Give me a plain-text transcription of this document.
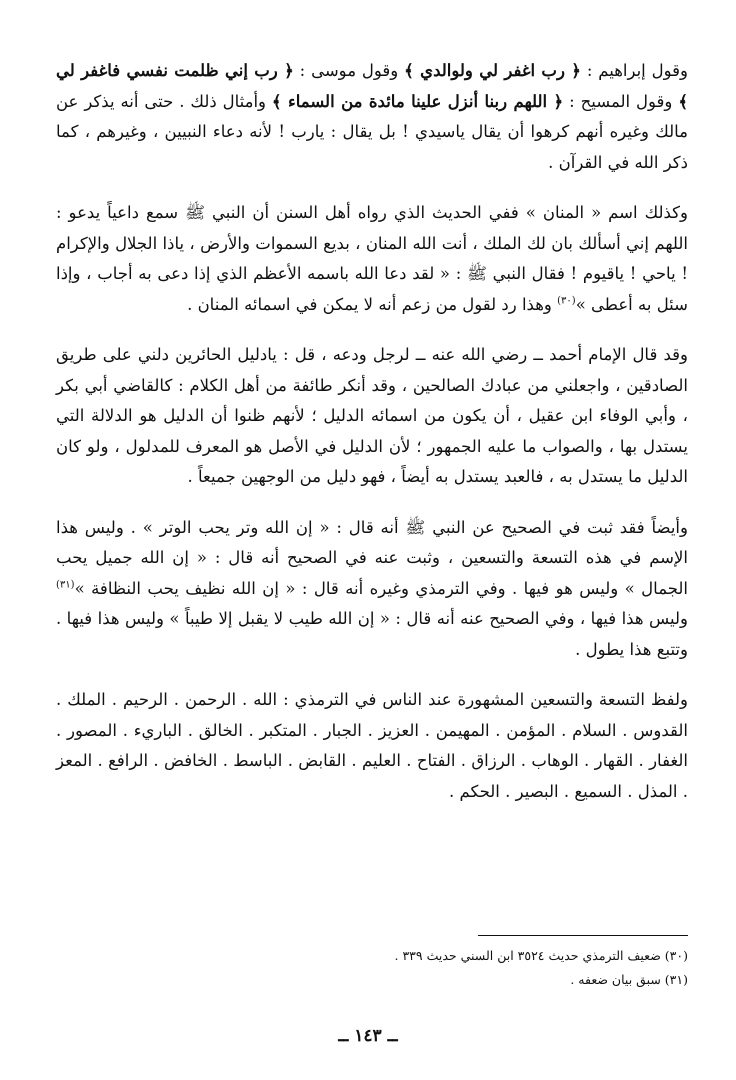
وقول إبراهيم : ﴿ رب اغفر لي ولوالدي ﴾ وقول موسى : ﴿ رب إني ظلمت نفسي فاغفر لي ﴾ وقول المسيح : ﴿ اللهم ربنا أنزل علينا مائدة من السماء ﴾ وأمثال ذلك . حتى أنه يذكر عن مالك وغيره أنهم كرهوا أن يقال ياسيدي ! بل يقال : يارب ! لأنه دعاء النبيين ، وغيرهم ، كما ذكر الله في القرآن .

وكذلك اسم « المنان » ففي الحديث الذي رواه أهل السنن أن النبي ﷺ سمع داعياً يدعو : اللهم إني أسألك بان لك الملك ، أنت الله المنان ، بديع السموات والأرض ، ياذا الجلال والإكرام ! ياحي ! ياقيوم ! فقال النبي ﷺ : « لقد دعا الله باسمه الأعظم الذي إذا دعى به أجاب ، وإذا سئل به أعطى »$^{(٣٠)}$ وهذا رد لقول من زعم أنه لا يمكن في اسمائه المنان .

وقد قال الإمام أحمد ــ رضي الله عنه ــ لرجل ودعه ، قل : يادليل الحائرين دلني على طريق الصادقين ، واجعلني من عبادك الصالحين ، وقد أنكر طائفة من أهل الكلام : كالقاضي أبي بكر ، وأبي الوفاء ابن عقيل ، أن يكون من اسمائه الدليل ؛ لأنهم ظنوا أن الدليل هو الدلالة التي يستدل بها ، والصواب ما عليه الجمهور ؛ لأن الدليل في الأصل هو المعرف للمدلول ، ولو كان الدليل ما يستدل به ، فالعبد يستدل به أيضاً ، فهو دليل من الوجهين جميعاً .

وأيضاً فقد ثبت في الصحيح عن النبي ﷺ أنه قال : « إن الله وتر يحب الوتر » . وليس هذا الإسم في هذه التسعة والتسعين ، وثبت عنه في الصحيح أنه قال : « إن الله جميل يحب الجمال » وليس هو فيها . وفي الترمذي وغيره أنه قال : « إن الله نظيف يحب النظافة »$^{(٣١)}$ وليس هذا فيها ، وفي الصحيح عنه أنه قال : « إن الله طيب لا يقبل إلا طيباً » وليس هذا فيها . وتتبع هذا يطول .

ولفظ التسعة والتسعين المشهورة عند الناس في الترمذي : الله . الرحمن . الرحيم . الملك . القدوس . السلام . المؤمن . المهيمن . العزيز . الجبار . المتكبر . الخالق . الباريء . المصور . الغفار . القهار . الوهاب . الرزاق . الفتاح . العليم . القابض . الباسط . الخافض . الرافع . المعز . المذل . السميع . البصير . الحكم .

(٣٠) ضعيف الترمذي حديث ٣٥٢٤ ابن السني حديث ٣٣٩ .
(٣١) سبق بيان ضعفه .
ــ ١٤٣ ــ
